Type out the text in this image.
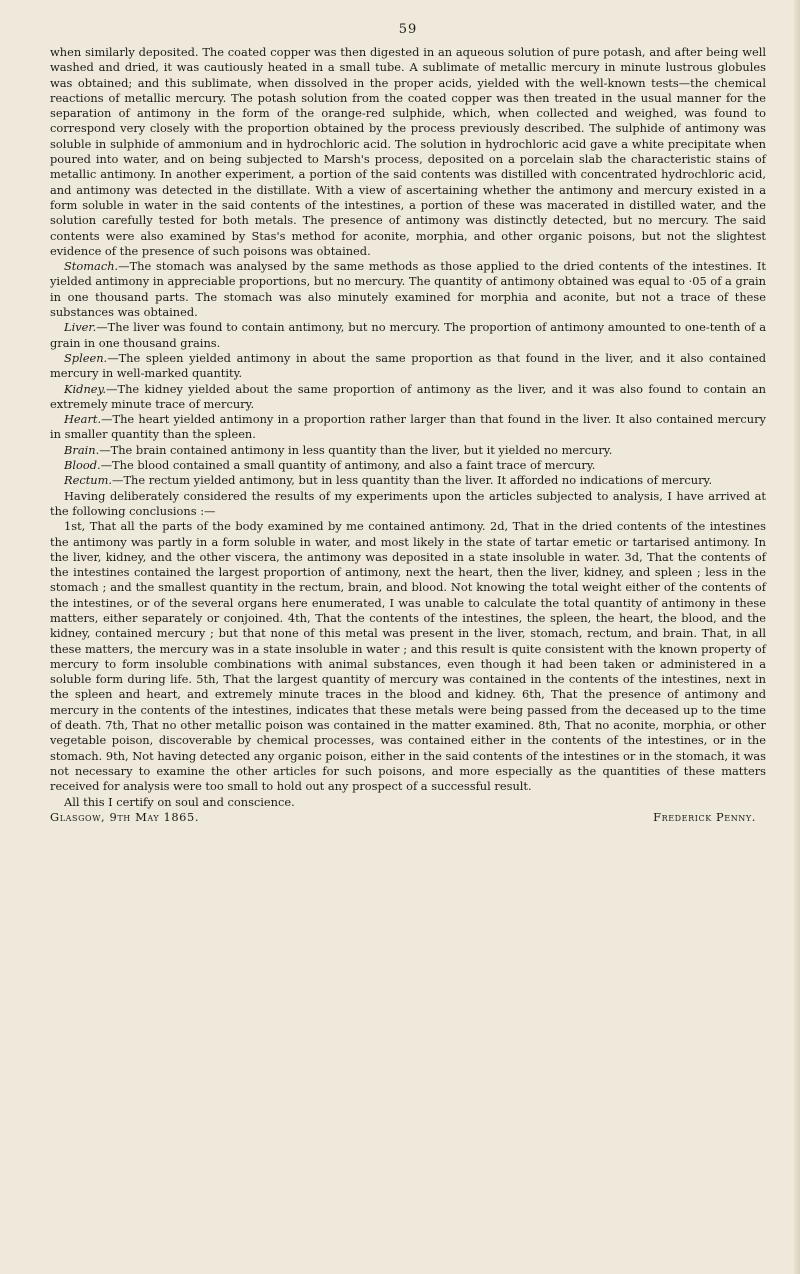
59

when similarly deposited. The coated copper was then digested in an aqueous solution of pure potash, and after being well washed and dried, it was cautiously heated in a small tube. A sublimate of metallic mercury in minute lustrous globules was obtained; and this sublimate, when dissolved in the proper acids, yielded with the well-known tests—the chemical reactions of metallic mercury. The potash solution from the coated copper was then treated in the usual manner for the separation of antimony in the form of the orange-red sulphide, which, when collected and weighed, was found to correspond very closely with the proportion obtained by the process previously described. The sulphide of antimony was soluble in sulphide of ammonium and in hydrochloric acid. The solution in hydrochloric acid gave a white precipitate when poured into water, and on being subjected to Marsh's process, deposited on a porcelain slab the characteristic stains of metallic antimony. In another experiment, a portion of the said contents was distilled with concentrated hydrochloric acid, and antimony was detected in the distillate. With a view of ascertaining whether the antimony and mercury existed in a form soluble in water in the said contents of the intestines, a portion of these was macerated in distilled water, and the solution carefully tested for both metals. The presence of antimony was distinctly detected, but no mercury. The said contents were also examined by Stas's method for aconite, morphia, and other organic poisons, but not the slightest evidence of the presence of such poisons was obtained.

Stomach.—The stomach was analysed by the same methods as those applied to the dried contents of the intestines. It yielded antimony in appreciable proportions, but no mercury. The quantity of antimony obtained was equal to ·05 of a grain in one thousand parts. The stomach was also minutely examined for morphia and aconite, but not a trace of these substances was obtained.

Liver.—The liver was found to contain antimony, but no mercury. The proportion of antimony amounted to one-tenth of a grain in one thousand grains.

Spleen.—The spleen yielded antimony in about the same proportion as that found in the liver, and it also contained mercury in well-marked quantity.

Kidney.—The kidney yielded about the same proportion of antimony as the liver, and it was also found to contain an extremely minute trace of mercury.

Heart.—The heart yielded antimony in a proportion rather larger than that found in the liver. It also contained mercury in smaller quantity than the spleen.

Brain.—The brain contained antimony in less quantity than the liver, but it yielded no mercury.

Blood.—The blood contained a small quantity of antimony, and also a faint trace of mercury.

Rectum.—The rectum yielded antimony, but in less quantity than the liver. It afforded no indications of mercury.

Having deliberately considered the results of my experiments upon the articles subjected to analysis, I have arrived at the following conclusions :—

1st, That all the parts of the body examined by me contained antimony. 2d, That in the dried contents of the intestines the antimony was partly in a form soluble in water, and most likely in the state of tartar emetic or tartarised antimony. In the liver, kidney, and the other viscera, the antimony was deposited in a state insoluble in water. 3d, That the contents of the intestines contained the largest proportion of antimony, next the heart, then the liver, kidney, and spleen ; less in the stomach ; and the smallest quantity in the rectum, brain, and blood. Not knowing the total weight either of the contents of the intestines, or of the several organs here enumerated, I was unable to calculate the total quantity of antimony in these matters, either separately or conjoined. 4th, That the contents of the intestines, the spleen, the heart, the blood, and the kidney, contained mercury ; but that none of this metal was present in the liver, stomach, rectum, and brain. That, in all these matters, the mercury was in a state insoluble in water ; and this result is quite consistent with the known property of mercury to form insoluble combinations with animal substances, even though it had been taken or administered in a soluble form during life. 5th, That the largest quantity of mercury was contained in the contents of the intestines, next in the spleen and heart, and extremely minute traces in the blood and kidney. 6th, That the presence of antimony and mercury in the contents of the intestines, indicates that these metals were being passed from the deceased up to the time of death. 7th, That no other metallic poison was contained in the matter examined. 8th, That no aconite, morphia, or other vegetable poison, discoverable by chemical processes, was contained either in the contents of the intestines, or in the stomach. 9th, Not having detected any organic poison, either in the said contents of the intestines or in the stomach, it was not necessary to examine the other articles for such poisons, and more especially as the quantities of these matters received for analysis were too small to hold out any prospect of a successful result.

All this I certify on soul and conscience.

Glasgow, 9th May 1865.	Frederick Penny.
